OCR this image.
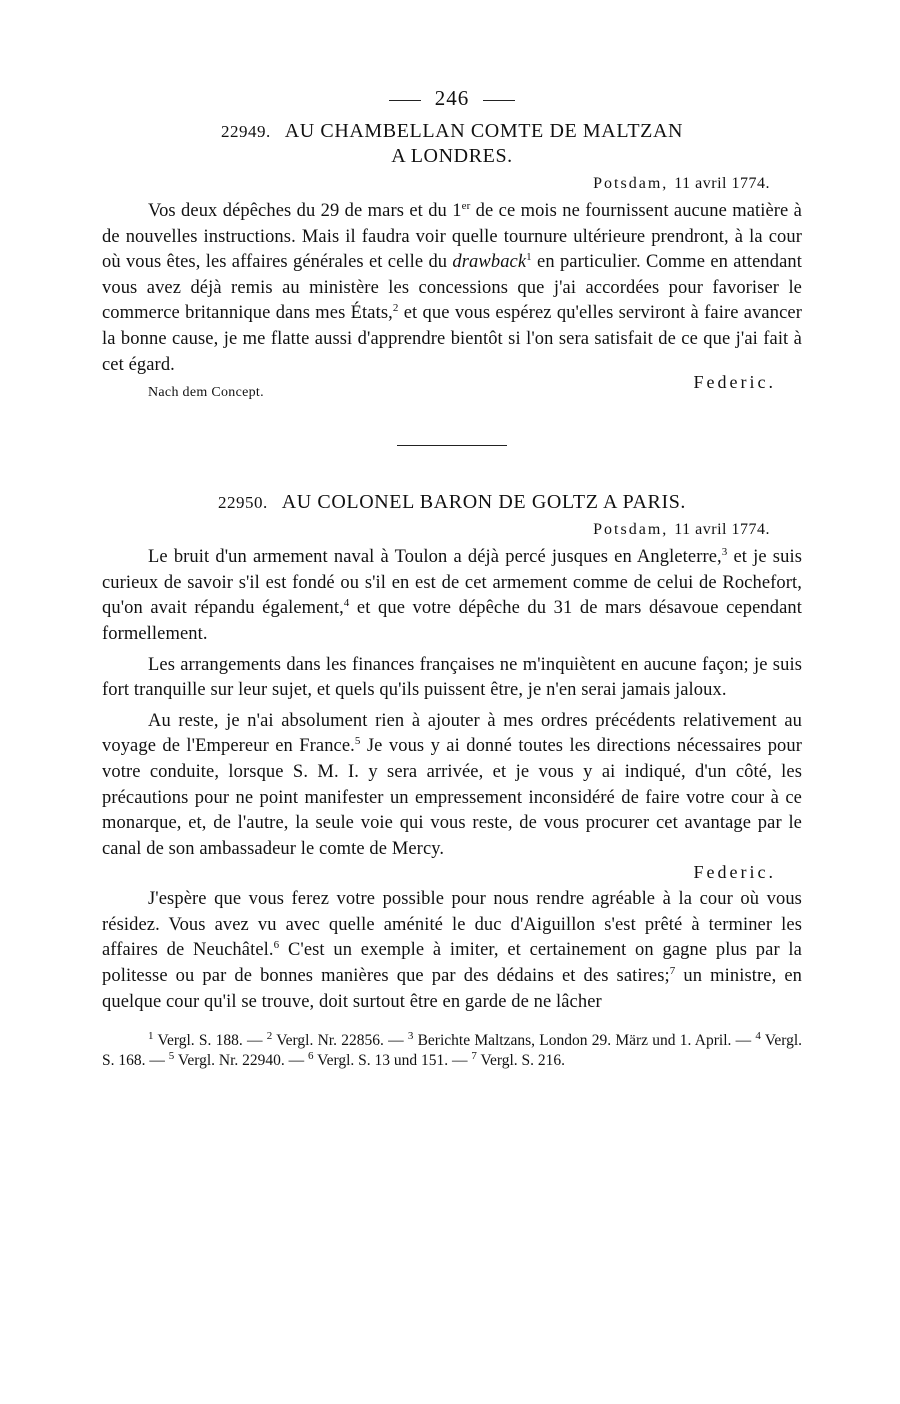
246
22949. AU CHAMBELLAN COMTE DE MALTZAN
A LONDRES.
Potsdam, 11 avril 1774.

Vos deux dépêches du 29 de mars et du 1er de ce mois ne fournissent aucune matière à de nouvelles instructions. Mais il faudra voir quelle tournure ultérieure prendront, à la cour où vous êtes, les affaires générales et celle du drawback$^1$ en particulier. Comme en attendant vous avez déjà remis au ministère les concessions que j'ai accordées pour favoriser le commerce britannique dans mes États,$^2$ et que vous espérez qu'elles serviront à faire avancer la bonne cause, je me flatte aussi d'apprendre bientôt si l'on sera satisfait de ce que j'ai fait à cet égard.

Federic.
Nach dem Concept.
22950. AU COLONEL BARON DE GOLTZ A PARIS.
Potsdam, 11 avril 1774.

Le bruit d'un armement naval à Toulon a déjà percé jusques en Angleterre,$^3$ et je suis curieux de savoir s'il est fondé ou s'il en est de cet armement comme de celui de Rochefort, qu'on avait répandu également,$^4$ et que votre dépêche du 31 de mars désavoue cependant formellement.

Les arrangements dans les finances françaises ne m'inquiètent en aucune façon; je suis fort tranquille sur leur sujet, et quels qu'ils puissent être, je n'en serai jamais jaloux.

Au reste, je n'ai absolument rien à ajouter à mes ordres précédents relativement au voyage de l'Empereur en France.$^5$ Je vous y ai donné toutes les directions nécessaires pour votre conduite, lorsque S. M. I. y sera arrivée, et je vous y ai indiqué, d'un côté, les précautions pour ne point manifester un empressement inconsidéré de faire votre cour à ce monarque, et, de l'autre, la seule voie qui vous reste, de vous procurer cet avantage par le canal de son ambassadeur le comte de Mercy.

Federic.

J'espère que vous ferez votre possible pour nous rendre agréable à la cour où vous résidez. Vous avez vu avec quelle aménité le duc d'Aiguillon s'est prêté à terminer les affaires de Neuchâtel.$^6$ C'est un exemple à imiter, et certainement on gagne plus par la politesse ou par de bonnes manières que par des dédains et des satires;$^7$ un ministre, en quelque cour qu'il se trouve, doit surtout être en garde de ne lâcher

$^1$ Vergl. S. 188. — $^2$ Vergl. Nr. 22856. — $^3$ Berichte Maltzans, London 29. März und 1. April. — $^4$ Vergl. S. 168. — $^5$ Vergl. Nr. 22940. — $^6$ Vergl. S. 13 und 151. — $^7$ Vergl. S. 216.
